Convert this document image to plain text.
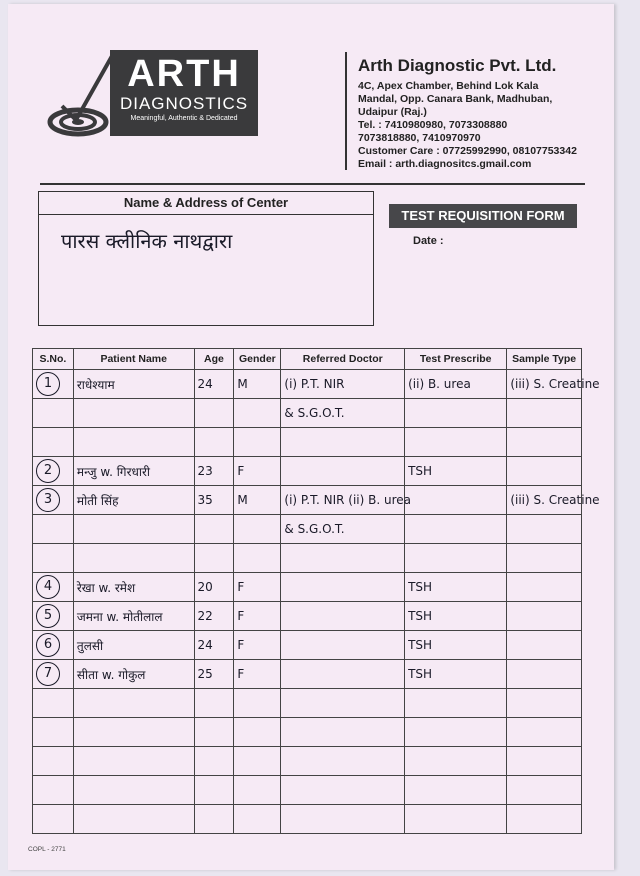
ARTH
DIAGNOSTICS
Meaningful, Authentic & Dedicated
Arth Diagnostic Pvt. Ltd.
4C, Apex Chamber, Behind Lok Kala
Mandal, Opp. Canara Bank, Madhuban,
Udaipur (Raj.)
Tel. : 7410980980, 7073308880
7073818880, 7410970970
Customer Care : 07725992990, 08107753342
Email : arth.diagnositcs.gmail.com
Name & Address of Center
पारस क्लीनिक नाथद्वारा
TEST REQUISITION FORM
Date :
S.No.	Patient Name	Age	Gender	Referred Doctor	Test Prescribe	Sample Type
1	राधेश्याम	24	M	(i) P.T. NIR	(ii) B. urea	(iii) S. Creatine
				& S.G.O.T.		

2	मन्जु w. गिरधारी	23	F		TSH	
3	मोती सिंह	35	M	(i) P.T. NIR (ii) B. urea		(iii) S. Creatine
				& S.G.O.T.		

4	रेखा w. रमेश	20	F		TSH	
5	जमना w. मोतीलाल	22	F		TSH	
6	तुलसी	24	F		TSH	
7	सीता w. गोकुल	25	F		TSH	

COPL - 2771
